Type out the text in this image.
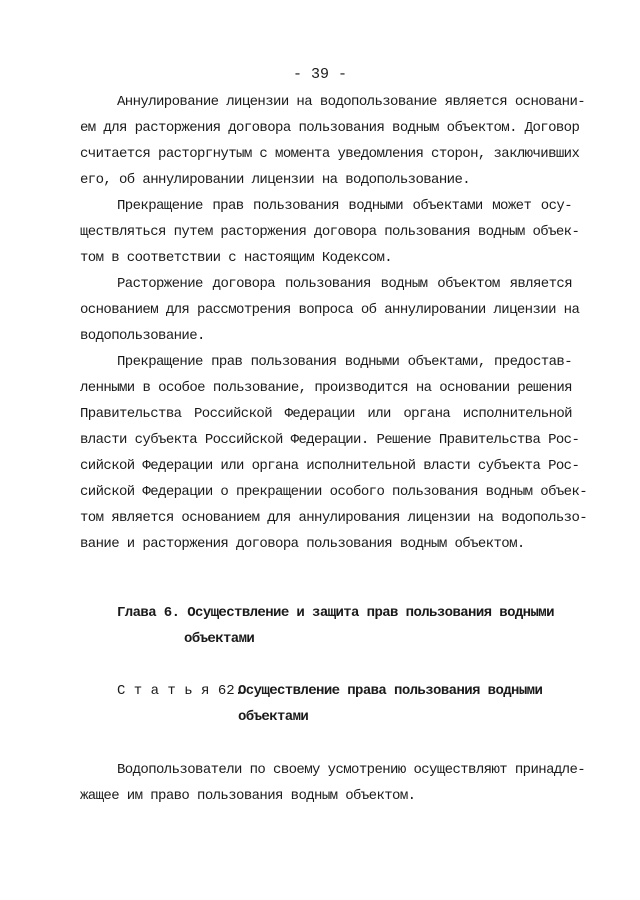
- 39 -
Аннулирование лицензии на водопользование является основани-
ем для расторжения договора пользования водным объектом. Договор
считается расторгнутым с момента уведомления сторон, заключивших
его, об аннулировании лицензии на водопользование.
Прекращение прав пользования водными объектами может осу-
ществляться путем расторжения договора пользования водным объек-
том в соответствии с настоящим Кодексом.
Расторжение договора пользования водным объектом является
основанием для рассмотрения вопроса об аннулировании лицензии на
водопользование.
Прекращение прав пользования водными объектами, предостав-
ленными в особое пользование, производится на основании решения
Правительства Российской Федерации или органа исполнительной
власти субъекта Российской Федерации. Решение Правительства Рос-
сийской Федерации или органа исполнительной власти субъекта Рос-
сийской Федерации о прекращении особого пользования водным объек-
том является основанием для аннулирования лицензии на водопользо-
вание и расторжения договора пользования водным объектом.
Глава 6. Осуществление и защита прав пользования водными
объектами
С т а т ь я 62.
Осуществление права пользования водными
объектами
Водопользователи по своему усмотрению осуществляют принадле-
жащее им право пользования водным объектом.
